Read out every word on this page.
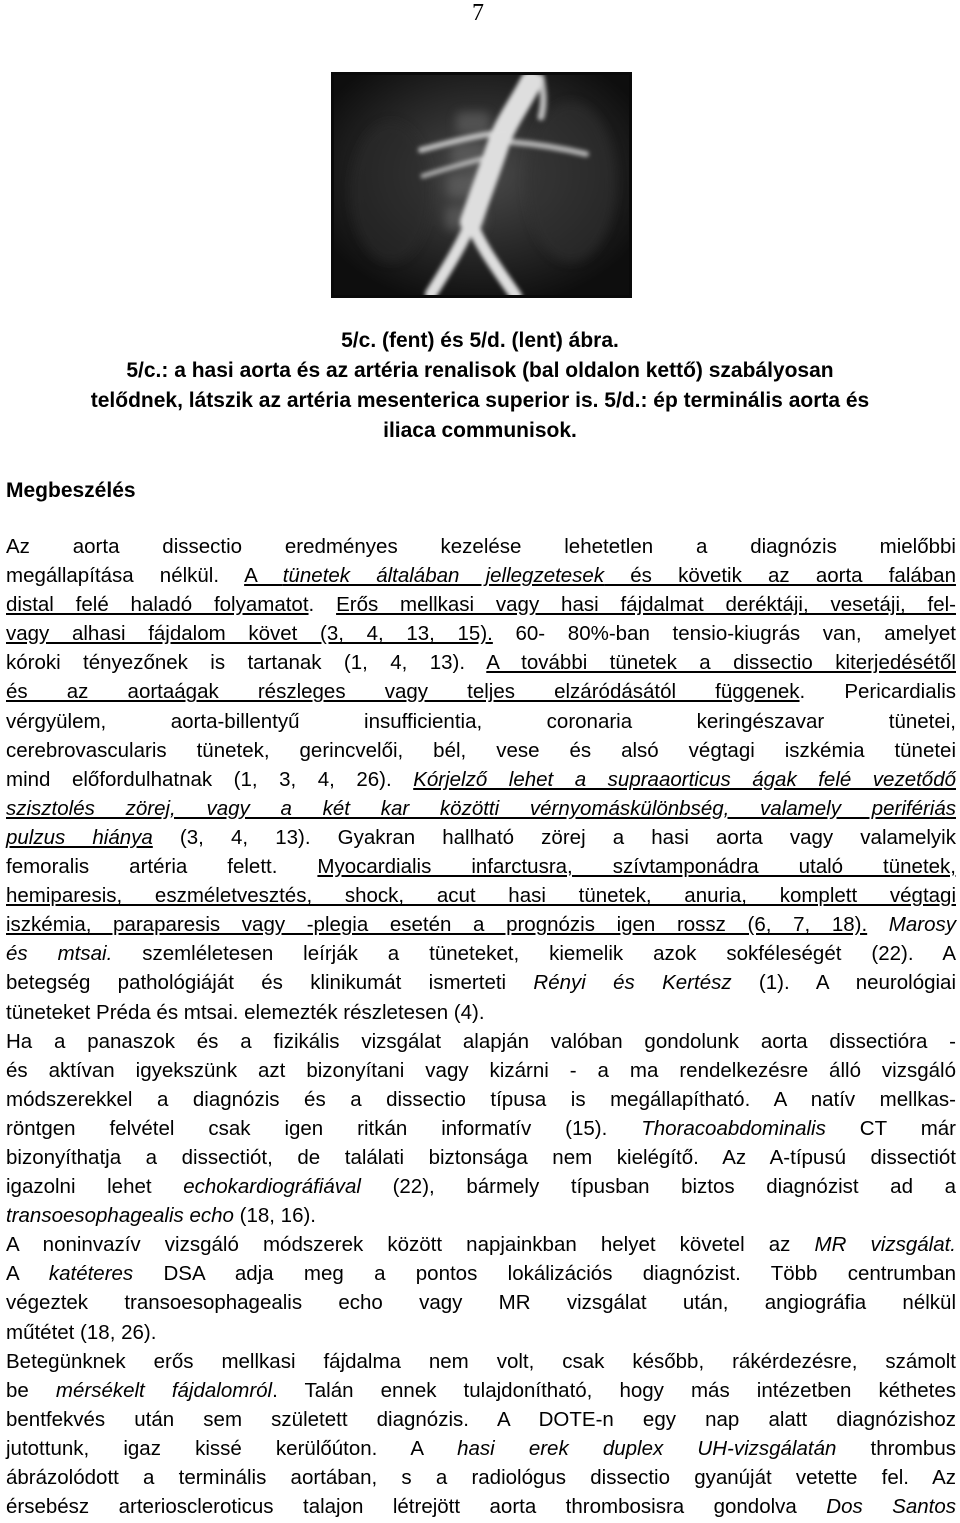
7
5/c. (fent) és 5/d. (lent) ábra.
5/c.: a hasi aorta és az artéria renalisok (bal oldalon kettő) szabályosan
telődnek, látszik az artéria mesenterica superior is. 5/d.: ép terminális aorta és
iliaca communisok.
Megbeszélés
Az aorta dissectio eredményes kezelése lehetetlen a diagnózis mielőbbi
megállapítása nélkül. A tünetek általában jellegzetesek és követik az aorta falában
distal felé haladó folyamatot. Erős mellkasi vagy hasi fájdalmat deréktáji, vesetáji, fel-
vagy alhasi fájdalom követ (3, 4, 13, 15). 60- 80%-ban tensio-kiugrás van, amelyet
kóroki tényezőnek is tartanak (1, 4, 13). A további tünetek a dissectio kiterjedésétől
és az aortaágak részleges vagy teljes elzáródásától függenek. Pericardialis
vérgyülem, aorta-billentyű insufficientia, coronaria keringészavar tünetei,
cerebrovascularis tünetek, gerincvelői, bél, vese és alsó végtagi iszkémia tünetei
mind előfordulhatnak (1, 3, 4, 26). Kórjelző lehet a supraaorticus ágak felé vezetődő
szisztolés zörej, vagy a két kar közötti vérnyomáskülönbség, valamely perifériás
pulzus hiánya (3, 4, 13). Gyakran hallható zörej a hasi aorta vagy valamelyik
femoralis artéria felett. Myocardialis infarctusra, szívtamponádra utaló tünetek,
hemiparesis, eszméletvesztés, shock, acut hasi tünetek, anuria, komplett végtagi
iszkémia, paraparesis vagy -plegia esetén a prognózis igen rossz (6, 7, 18). Marosy
és mtsai. szemléletesen leírják a tüneteket, kiemelik azok sokféleségét (22). A
betegség pathológiáját és klinikumát ismerteti Rényi és Kertész (1). A neurológiai
tüneteket Préda és mtsai. elemezték részletesen (4).
Ha a panaszok és a fizikális vizsgálat alapján valóban gondolunk aorta dissectióra -
és aktívan igyekszünk azt bizonyítani vagy kizárni - a ma rendelkezésre álló vizsgáló
módszerekkel a diagnózis és a dissectio típusa is megállapítható. A natív mellkas-
röntgen felvétel csak igen ritkán informatív (15). Thoracoabdominalis CT már
bizonyíthatja a dissectiót, de találati biztonsága nem kielégítő. Az A-típusú dissectiót
igazolni lehet echokardiográfiával (22), bármely típusban biztos diagnózist ad a
transoesophagealis echo (18, 16).
A noninvazív vizsgáló módszerek között napjainkban helyet követel az MR vizsgálat.
A katéteres DSA adja meg a pontos lokálizációs diagnózist. Több centrumban
végeztek transoesophagealis echo vagy MR vizsgálat után, angiográfia nélkül
műtétet (18, 26).
Betegünknek erős mellkasi fájdalma nem volt, csak később, rákérdezésre, számolt
be mérsékelt fájdalomról. Talán ennek tulajdonítható, hogy más intézetben kéthetes
bentfekvés után sem született diagnózis. A DOTE-n egy nap alatt diagnózishoz
jutottunk, igaz kissé kerülőúton. A hasi erek duplex UH-vizsgálatán thrombus
ábrázolódott a terminális aortában, s a radiológus dissectio gyanúját vetette fel. Az
érsebész arterioscleroticus talajon létrejött aorta thrombosisra gondolva Dos Santos
